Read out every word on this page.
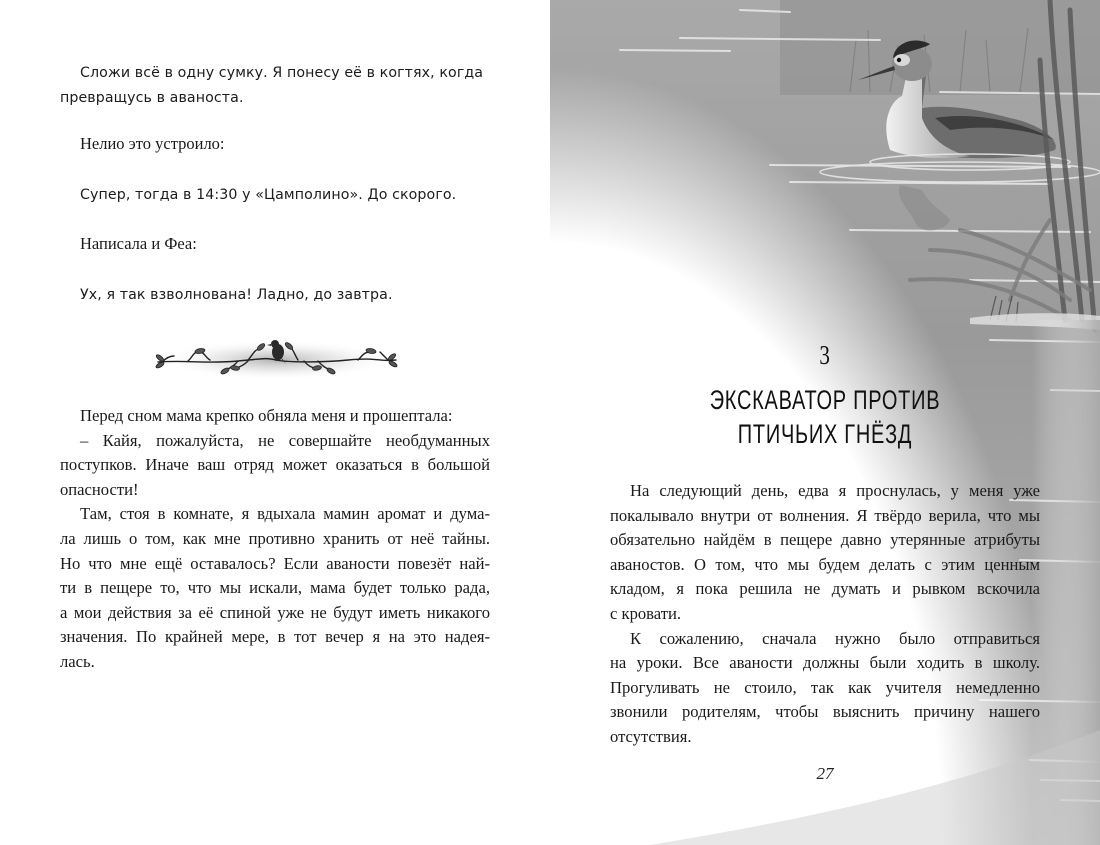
Сложи всё в одну сумку. Я понесу её в когтях, когда
превращусь в аваноста.
Нелио это устроило:
Супер, тогда в 14:30 у «Цамполино». До скорого.
Написала и Феа:
Ух, я так взволнована! Ладно, до завтра.
Перед сном мама крепко обняла меня и прошептала:
– Кайя, пожалуйста, не совершайте необдуманных
поступков. Иначе ваш отряд может оказаться в большой
опасности!
Там, стоя в комнате, я вдыхала мамин аромат и дума-
ла лишь о том, как мне противно хранить от неё тайны.
Но что мне ещё оставалось? Если аваности повезёт най-
ти в пещере то, что мы искали, мама будет только рада,
а мои действия за её спиной уже не будут иметь никакого
значения. По крайней мере, в тот вечер я на это надея-
лась.
3
ЭКСКАВАТОР ПРОТИВ
ПТИЧЬИХ ГНЁЗД
На следующий день, едва я проснулась, у меня уже
покалывало внутри от волнения. Я твёрдо верила, что мы
обязательно найдём в пещере давно утерянные атрибуты
аваностов. О том, что мы будем делать с этим ценным
кладом, я пока решила не думать и рывком вскочила
с кровати.
К сожалению, сначала нужно было отправиться
на уроки. Все аваности должны были ходить в школу.
Прогуливать не стоило, так как учителя немедленно
звонили родителям, чтобы выяснить причину нашего
отсутствия.
27
